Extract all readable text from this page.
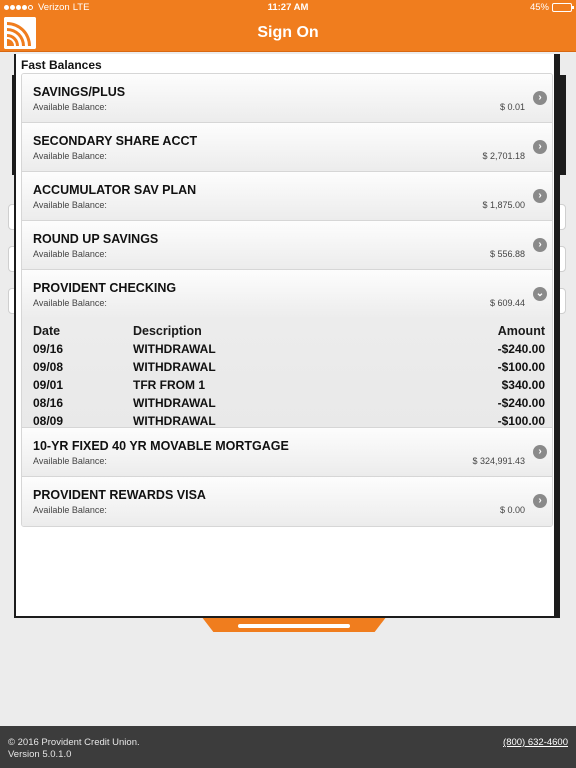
Verizon LTE	11:27 AM	45%
Sign On
Fast Balances
SAVINGS/PLUS
Available Balance:	$ 0.01
›
SECONDARY SHARE ACCT
Available Balance:	$ 2,701.18
›
ACCUMULATOR SAV PLAN
Available Balance:	$ 1,875.00
›
ROUND UP SAVINGS
Available Balance:	$ 556.88
›
PROVIDENT CHECKING
Available Balance:	$ 609.44
⌄
Date	Description	Amount
09/16	WITHDRAWAL	-$240.00
09/08	WITHDRAWAL	-$100.00
09/01	TFR FROM 1	$340.00
08/16	WITHDRAWAL	-$240.00
08/09	WITHDRAWAL	-$100.00
10-YR FIXED 40 YR MOVABLE MORTGAGE
Available Balance:	$ 324,991.43
›
PROVIDENT REWARDS VISA
Available Balance:	$ 0.00
›
© 2016 Provident Credit Union.
Version 5.0.1.0
(800) 632-4600
